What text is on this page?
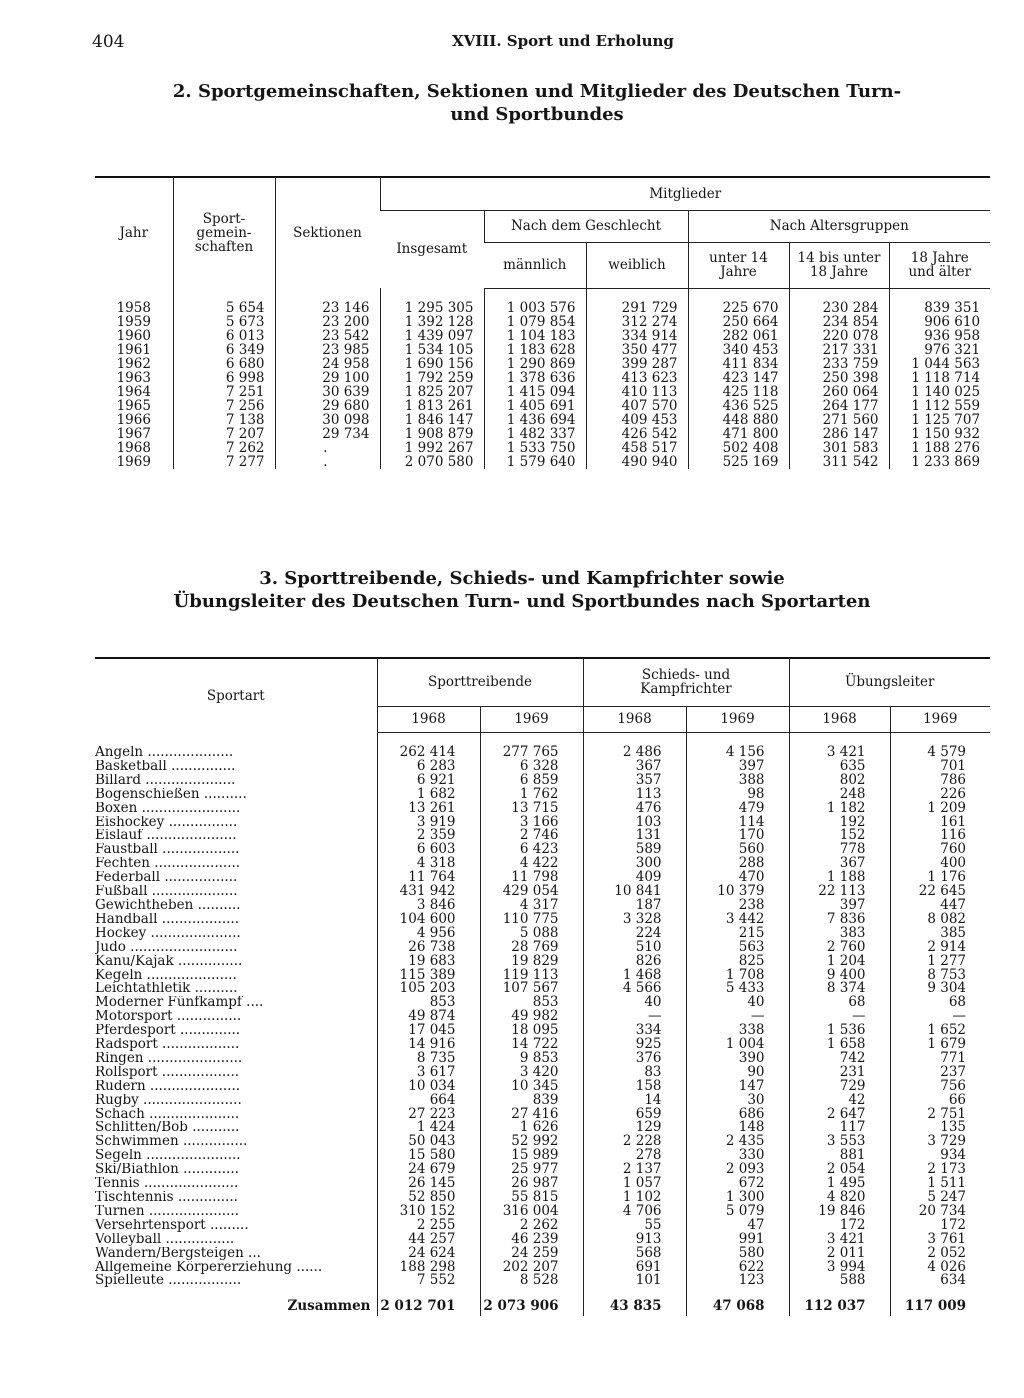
404	XVIII. Sport und Erholung
2. Sportgemeinschaften, Sektionen und Mitglieder des Deutschen Turn-
und Sportbundes
Jahr	Sport- gemein- schaften	Sektionen	Mitglieder					
			Insgesamt	Nach dem Geschlecht		Nach Altersgruppen		
				männlich	weiblich	unter 14 Jahre	14 bis unter 18 Jahre	18 Jahre und älter

1958	5 654	23 146	1 295 305	1 003 576	291 729	225 670	230 284	839 351
1959	5 673	23 200	1 392 128	1 079 854	312 274	250 664	234 854	906 610
1960	6 013	23 542	1 439 097	1 104 183	334 914	282 061	220 078	936 958
1961	6 349	23 985	1 534 105	1 183 628	350 477	340 453	217 331	976 321
1962	6 680	24 958	1 690 156	1 290 869	399 287	411 834	233 759	1 044 563
1963	6 998	29 100	1 792 259	1 378 636	413 623	423 147	250 398	1 118 714
1964	7 251	30 639	1 825 207	1 415 094	410 113	425 118	260 064	1 140 025
1965	7 256	29 680	1 813 261	1 405 691	407 570	436 525	264 177	1 112 559
1966	7 138	30 098	1 846 147	1 436 694	409 453	448 880	271 560	1 125 707
1967	7 207	29 734	1 908 879	1 482 337	426 542	471 800	286 147	1 150 932
1968	7 262	.	1 992 267	1 533 750	458 517	502 408	301 583	1 188 276
1969	7 277	.	2 070 580	1 579 640	490 940	525 169	311 542	1 233 869
3. Sporttreibende, Schieds- und Kampfrichter sowie
Übungsleiter des Deutschen Turn- und Sportbundes nach Sportarten
Sportart	Sporttreibende		Schieds- und Kampfrichter		Übungsleiter	
	1968	1969	1968	1969	1968	1969

Angeln ....................	262 414	277 765	2 486	4 156	3 421	4 579
Basketball ...............	6 283	6 328	367	397	635	701
Billard .....................	6 921	6 859	357	388	802	786
Bogenschießen ..........	1 682	1 762	113	98	248	226
Boxen .......................	13 261	13 715	476	479	1 182	1 209
Eishockey ................	3 919	3 166	103	114	192	161
Eislauf .....................	2 359	2 746	131	170	152	116
Faustball ..................	6 603	6 423	589	560	778	760
Fechten ....................	4 318	4 422	300	288	367	400
Federball .................	11 764	11 798	409	470	1 188	1 176
Fußball ....................	431 942	429 054	10 841	10 379	22 113	22 645
Gewichtheben ..........	3 846	4 317	187	238	397	447
Handball ..................	104 600	110 775	3 328	3 442	7 836	8 082
Hockey .....................	4 956	5 088	224	215	383	385
Judo .........................	26 738	28 769	510	563	2 760	2 914
Kanu/Kajak ...............	19 683	19 829	826	825	1 204	1 277
Kegeln .....................	115 389	119 113	1 468	1 708	9 400	8 753
Leichtathletik ..........	105 203	107 567	4 566	5 433	8 374	9 304
Moderner Fünfkampf ....	853	853	40	40	68	68
Motorsport ...............	49 874	49 982	—	—	—	—
Pferdesport ..............	17 045	18 095	334	338	1 536	1 652
Radsport ..................	14 916	14 722	925	1 004	1 658	1 679
Ringen ......................	8 735	9 853	376	390	742	771
Rollsport ..................	3 617	3 420	83	90	231	237
Rudern .....................	10 034	10 345	158	147	729	756
Rugby .......................	664	839	14	30	42	66
Schach .....................	27 223	27 416	659	686	2 647	2 751
Schlitten/Bob ...........	1 424	1 626	129	148	117	135
Schwimmen ...............	50 043	52 992	2 228	2 435	3 553	3 729
Segeln ......................	15 580	15 989	278	330	881	934
Ski/Biathlon .............	24 679	25 977	2 137	2 093	2 054	2 173
Tennis ......................	26 145	26 987	1 057	672	1 495	1 511
Tischtennis ..............	52 850	55 815	1 102	1 300	4 820	5 247
Turnen .....................	310 152	316 004	4 706	5 079	19 846	20 734
Versehrtensport .........	2 255	2 262	55	47	172	172
Volleyball ................	44 257	46 239	913	991	3 421	3 761
Wandern/Bergsteigen ...	24 624	24 259	568	580	2 011	2 052
Allgemeine Körpererziehung ......	188 298	202 207	691	622	3 994	4 026
Spielleute .................	7 552	8 528	101	123	588	634
Zusammen	2 012 701	2 073 906	43 835	47 068	112 037	117 009
